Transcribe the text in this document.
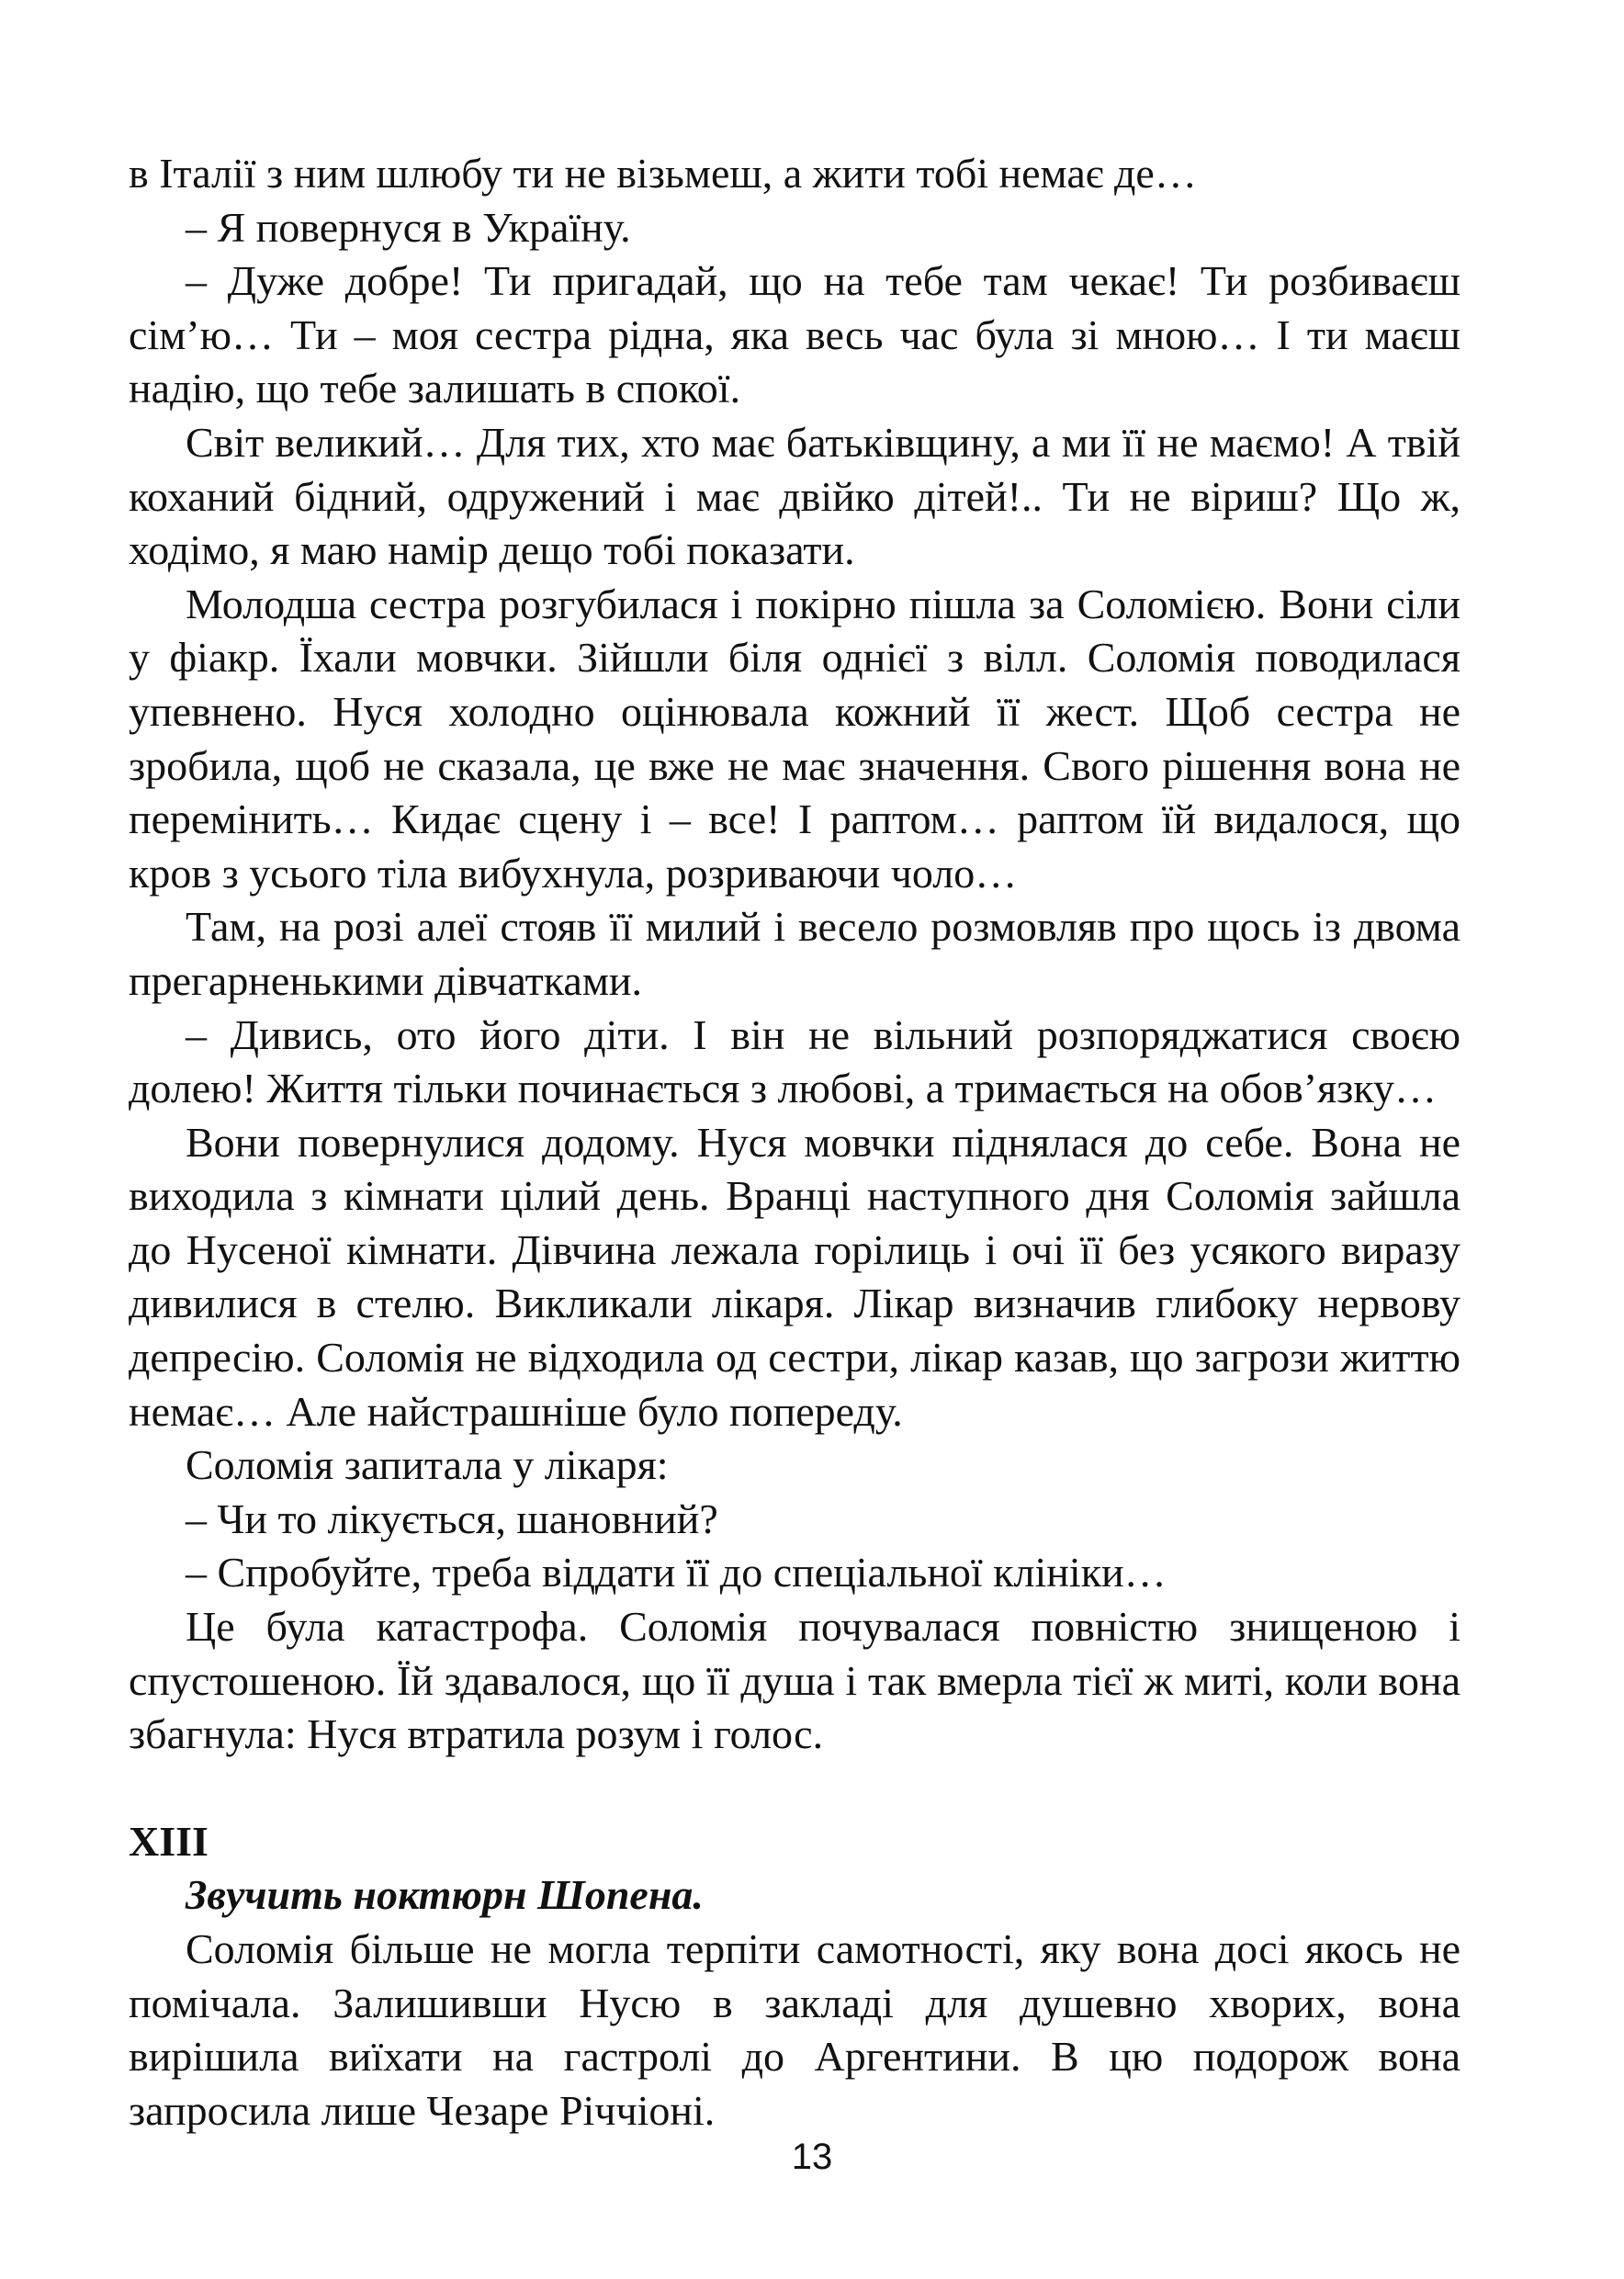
в Італії з ним шлюбу ти не візьмеш, а жити тобі немає де…
– Я повернуся в Україну.
– Дуже добре! Ти пригадай, що на тебе там чекає! Ти розбиваєш сім’ю… Ти – моя сестра рідна, яка весь час була зі мною… І ти маєш надію, що тебе залишать в спокої.
Світ великий… Для тих, хто має батьківщину, а ми її не маємо! А твій коханий бідний, одружений і має двійко дітей!.. Ти не віриш? Що ж, ходімо, я маю намір дещо тобі показати.
Молодша сестра розгубилася і покірно пішла за Соломією. Вони сіли у фіакр. Їхали мовчки. Зійшли біля однієї з вілл. Соломія поводилася упевнено. Нуся холодно оцінювала кожний її жест. Щоб сестра не зробила, щоб не сказала, це вже не має значення. Свого рішення вона не перемінить… Кидає сцену і – все! І раптом… раптом їй видалося, що кров з усього тіла вибухнула, розриваючи чоло…
Там, на розі алеї стояв її милий і весело розмовляв про щось із двома прегарненькими дівчатками.
– Дивись, ото його діти. І він не вільний розпоряджатися своєю долею! Життя тільки починається з любові, а тримається на обов’язку…
Вони повернулися додому. Нуся мовчки піднялася до себе. Вона не виходила з кімнати цілий день. Вранці наступного дня Соломія зайшла до Нусеної кімнати. Дівчина лежала горілиць і очі її без усякого виразу дивилися в стелю. Викликали лікаря. Лікар визначив глибоку нервову депресію. Соломія не відходила од сестри, лікар казав, що загрози життю немає… Але найстрашніше було попереду.
Соломія запитала у лікаря:
– Чи то лікується, шановний?
– Спробуйте, треба віддати її до спеціальної клініки…
Це була катастрофа. Соломія почувалася повністю знищеною і спустошеною. Їй здавалося, що її душа і так вмерла тієї ж миті, коли вона збагнула: Нуся втратила розум і голос.
XIII
Звучить ноктюрн Шопена.
Соломія більше не могла терпіти самотності, яку вона досі якось не помічала. Залишивши Нусю в закладі для душевно хворих, вона вирішила виїхати на гастролі до Аргентини. В цю подорож вона запросила лише Чезаре Річчіоні.
13
